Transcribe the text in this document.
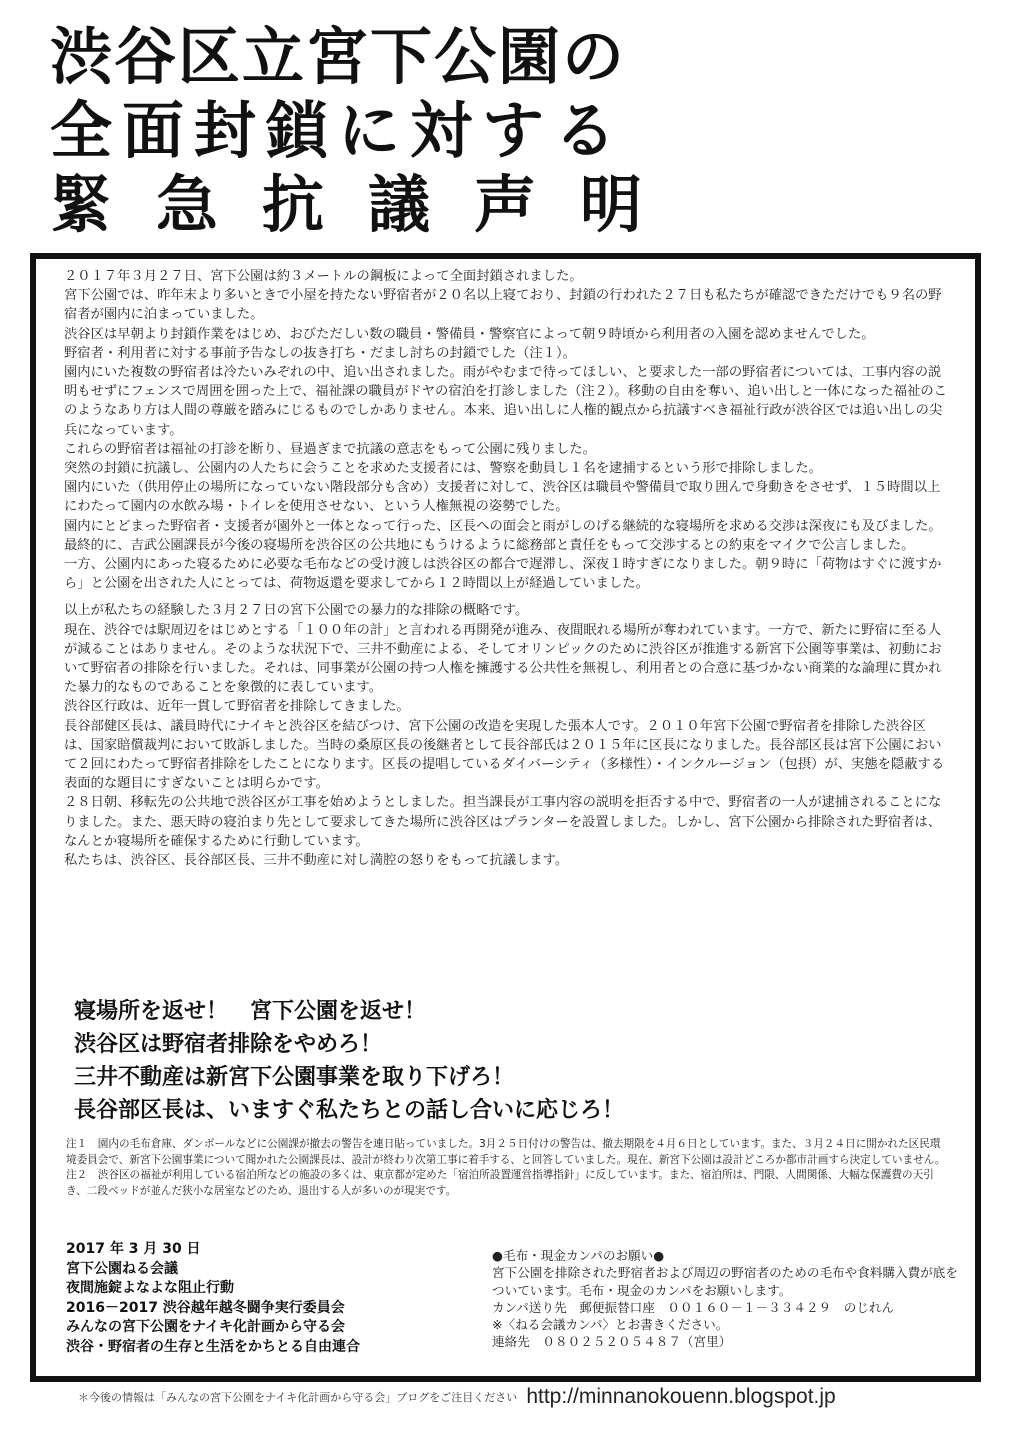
渋谷区立宮下公園の
全面封鎖に対する
緊急抗議声明

２０１７年３月２７日、宮下公園は約３メートルの鋼板によって全面封鎖されました。

宮下公園では、昨年末より多いときで小屋を持たない野宿者が２０名以上寝ており、封鎖の行われた２７日も私たちが確認できただけでも９名の野宿者が園内に泊まっていました。

渋谷区は早朝より封鎖作業をはじめ、おびただしい数の職員・警備員・警察官によって朝９時頃から利用者の入園を認めませんでした。

野宿者・利用者に対する事前予告なしの抜き打ち・だまし討ちの封鎖でした（注１）。

園内にいた複数の野宿者は冷たいみぞれの中、追い出されました。雨がやむまで待ってほしい、と要求した一部の野宿者については、工事内容の説明もせずにフェンスで周囲を囲った上で、福祉課の職員がドヤの宿泊を打診しました（注２）。移動の自由を奪い、追い出しと一体になった福祉のこのようなあり方は人間の尊厳を踏みにじるものでしかありません。本来、追い出しに人権的観点から抗議すべき福祉行政が渋谷区では追い出しの尖兵になっています。

これらの野宿者は福祉の打診を断り、昼過ぎまで抗議の意志をもって公園に残りました。

突然の封鎖に抗議し、公園内の人たちに会うことを求めた支援者には、警察を動員し１名を逮捕するという形で排除しました。

園内にいた（供用停止の場所になっていない階段部分も含め）支援者に対して、渋谷区は職員や警備員で取り囲んで身動きをさせず、１５時間以上にわたって園内の水飲み場・トイレを使用させない、という人権無視の姿勢でした。

園内にとどまった野宿者・支援者が園外と一体となって行った、区長への面会と雨がしのげる継続的な寝場所を求める交渉は深夜にも及びました。

最終的に、吉武公園課長が今後の寝場所を渋谷区の公共地にもうけるように総務部と責任をもって交渉するとの約束をマイクで公言しました。

一方、公園内にあった寝るために必要な毛布などの受け渡しは渋谷区の都合で遅滞し、深夜１時すぎになりました。朝９時に「荷物はすぐに渡すから」と公園を出された人にとっては、荷物返還を要求してから１２時間以上が経過していました。

以上が私たちの経験した３月２７日の宮下公園での暴力的な排除の概略です。

現在、渋谷では駅周辺をはじめとする「１００年の計」と言われる再開発が進み、夜間眠れる場所が奪われています。一方で、新たに野宿に至る人が減ることはありません。そのような状況下で、三井不動産による、そしてオリンピックのために渋谷区が推進する新宮下公園等事業は、初動において野宿者の排除を行いました。それは、同事業が公園の持つ人権を擁護する公共性を無視し、利用者との合意に基づかない商業的な論理に貫かれた暴力的なものであることを象徴的に表しています。

渋谷区行政は、近年一貫して野宿者を排除してきました。

長谷部健区長は、議員時代にナイキと渋谷区を結びつけ、宮下公園の改造を実現した張本人です。２０１０年宮下公園で野宿者を排除した渋谷区は、国家賠償裁判において敗訴しました。当時の桑原区長の後継者として長谷部氏は２０１５年に区長になりました。長谷部区長は宮下公園において２回にわたって野宿者排除をしたことになります。区長の提唱しているダイバーシティ（多様性）・インクルージョン（包摂）が、実態を隠蔽する表面的な題目にすぎないことは明らかです。

２８日朝、移転先の公共地で渋谷区が工事を始めようとしました。担当課長が工事内容の説明を拒否する中で、野宿者の一人が逮捕されることになりました。また、悪天時の寝泊まり先として要求してきた場所に渋谷区はプランターを設置しました。しかし、宮下公園から排除された野宿者は、なんとか寝場所を確保するために行動しています。

私たちは、渋谷区、長谷部区長、三井不動産に対し満腔の怒りをもって抗議します。

寝場所を返せ！　宮下公園を返せ！
渋谷区は野宿者排除をやめろ！
三井不動産は新宮下公園事業を取り下げろ！
長谷部区長は、いますぐ私たちとの話し合いに応じろ！

注１　園内の毛布倉庫、ダンボールなどに公園課が撤去の警告を連日貼っていました。3月２５日付けの警告は、撤去期限を４月６日としています。また、３月２４日に開かれた区民環境委員会で、新宮下公園事業について聞かれた公園課長は、設計が終わり次第工事に着手する、と回答していました。現在、新宮下公園は設計どころか都市計画すら決定していません。

注２　渋谷区の福祉が利用している宿泊所などの施設の多くは、東京都が定めた「宿泊所設置運営指導指針」に反しています。また、宿泊所は、門限、人間関係、大幅な保護費の天引き、二段ベッドが並んだ狭小な居室などのため、退出する人が多いのが現実です。

2017 年 3 月 30 日
宮下公園ねる会議
夜間施錠よなよな阻止行動
2016－2017 渋谷越年越冬闘争実行委員会
みんなの宮下公園をナイキ化計画から守る会
渋谷・野宿者の生存と生活をかちとる自由連合

●毛布・現金カンパのお願い●

宮下公園を排除された野宿者および周辺の野宿者のための毛布や食料購入費が底をついています。毛布・現金のカンパをお願いします。

カンパ送り先　郵便振替口座　００１６０－１－３３４２９　のじれん

※〈ねる会議カンパ〉とお書きください。

連絡先　０８０２５２０５４８７（宮里）

＊今後の情報は「みんなの宮下公園をナイキ化計画から守る会」ブログをご注目ください http://minnanokouenn.blogspot.jp
